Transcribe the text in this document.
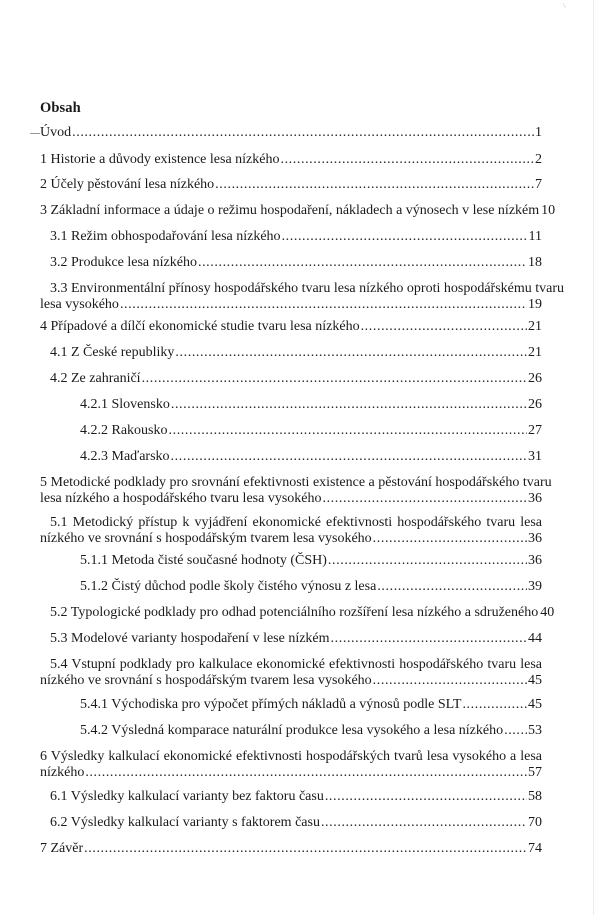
\ᵢ
Obsah
Úvod .....	1
1 Historie a důvody existence lesa nízkého .....	2
2 Účely pěstování lesa nízkého .....	7
3 Základní informace a údaje o režimu hospodaření, nákladech a výnosech v lese nízkém 10
3.1 Režim obhospodařování lesa nízkého .....	11
3.2 Produkce lesa nízkého .....	18
3.3 Environmentální přínosy hospodářského tvaru lesa nízkého oproti hospodářskému tvaru
lesa vysokého .....	19
4 Případové a dílčí ekonomické studie tvaru lesa nízkého .....	21
4.1 Z České republiky .....	21
4.2 Ze zahraničí .....	26
4.2.1 Slovensko .....	26
4.2.2 Rakousko .....	27
4.2.3 Maďarsko .....	31
5 Metodické podklady pro srovnání efektivnosti existence a pěstování hospodářského tvaru
lesa nízkého a hospodářského tvaru lesa vysokého .....	36
5.1 Metodický přístup k vyjádření ekonomické efektivnosti hospodářského tvaru lesa
nízkého ve srovnání s hospodářským tvarem lesa vysokého .....	36
5.1.1 Metoda čisté současné hodnoty (ČSH) .....	36
5.1.2 Čistý důchod podle školy čistého výnosu z lesa .....	39
5.2 Typologické podklady pro odhad potenciálního rozšíření lesa nízkého a sdruženého 40
5.3 Modelové varianty hospodaření v lese nízkém .....	44
5.4 Vstupní podklady pro kalkulace ekonomické efektivnosti hospodářského tvaru lesa
nízkého ve srovnání s hospodářským tvarem lesa vysokého .....	45
5.4.1 Východiska pro výpočet přímých nákladů a výnosů podle SLT .....	45
5.4.2 Výsledná komparace naturální produkce lesa vysokého a lesa nízkého ..... 53
6 Výsledky kalkulací ekonomické efektivnosti hospodářských tvarů lesa vysokého a lesa
nízkého .....	57
6.1 Výsledky kalkulací varianty bez faktoru času .....	58
6.2 Výsledky kalkulací varianty s faktorem času .....	70
7 Závěr .....	74
